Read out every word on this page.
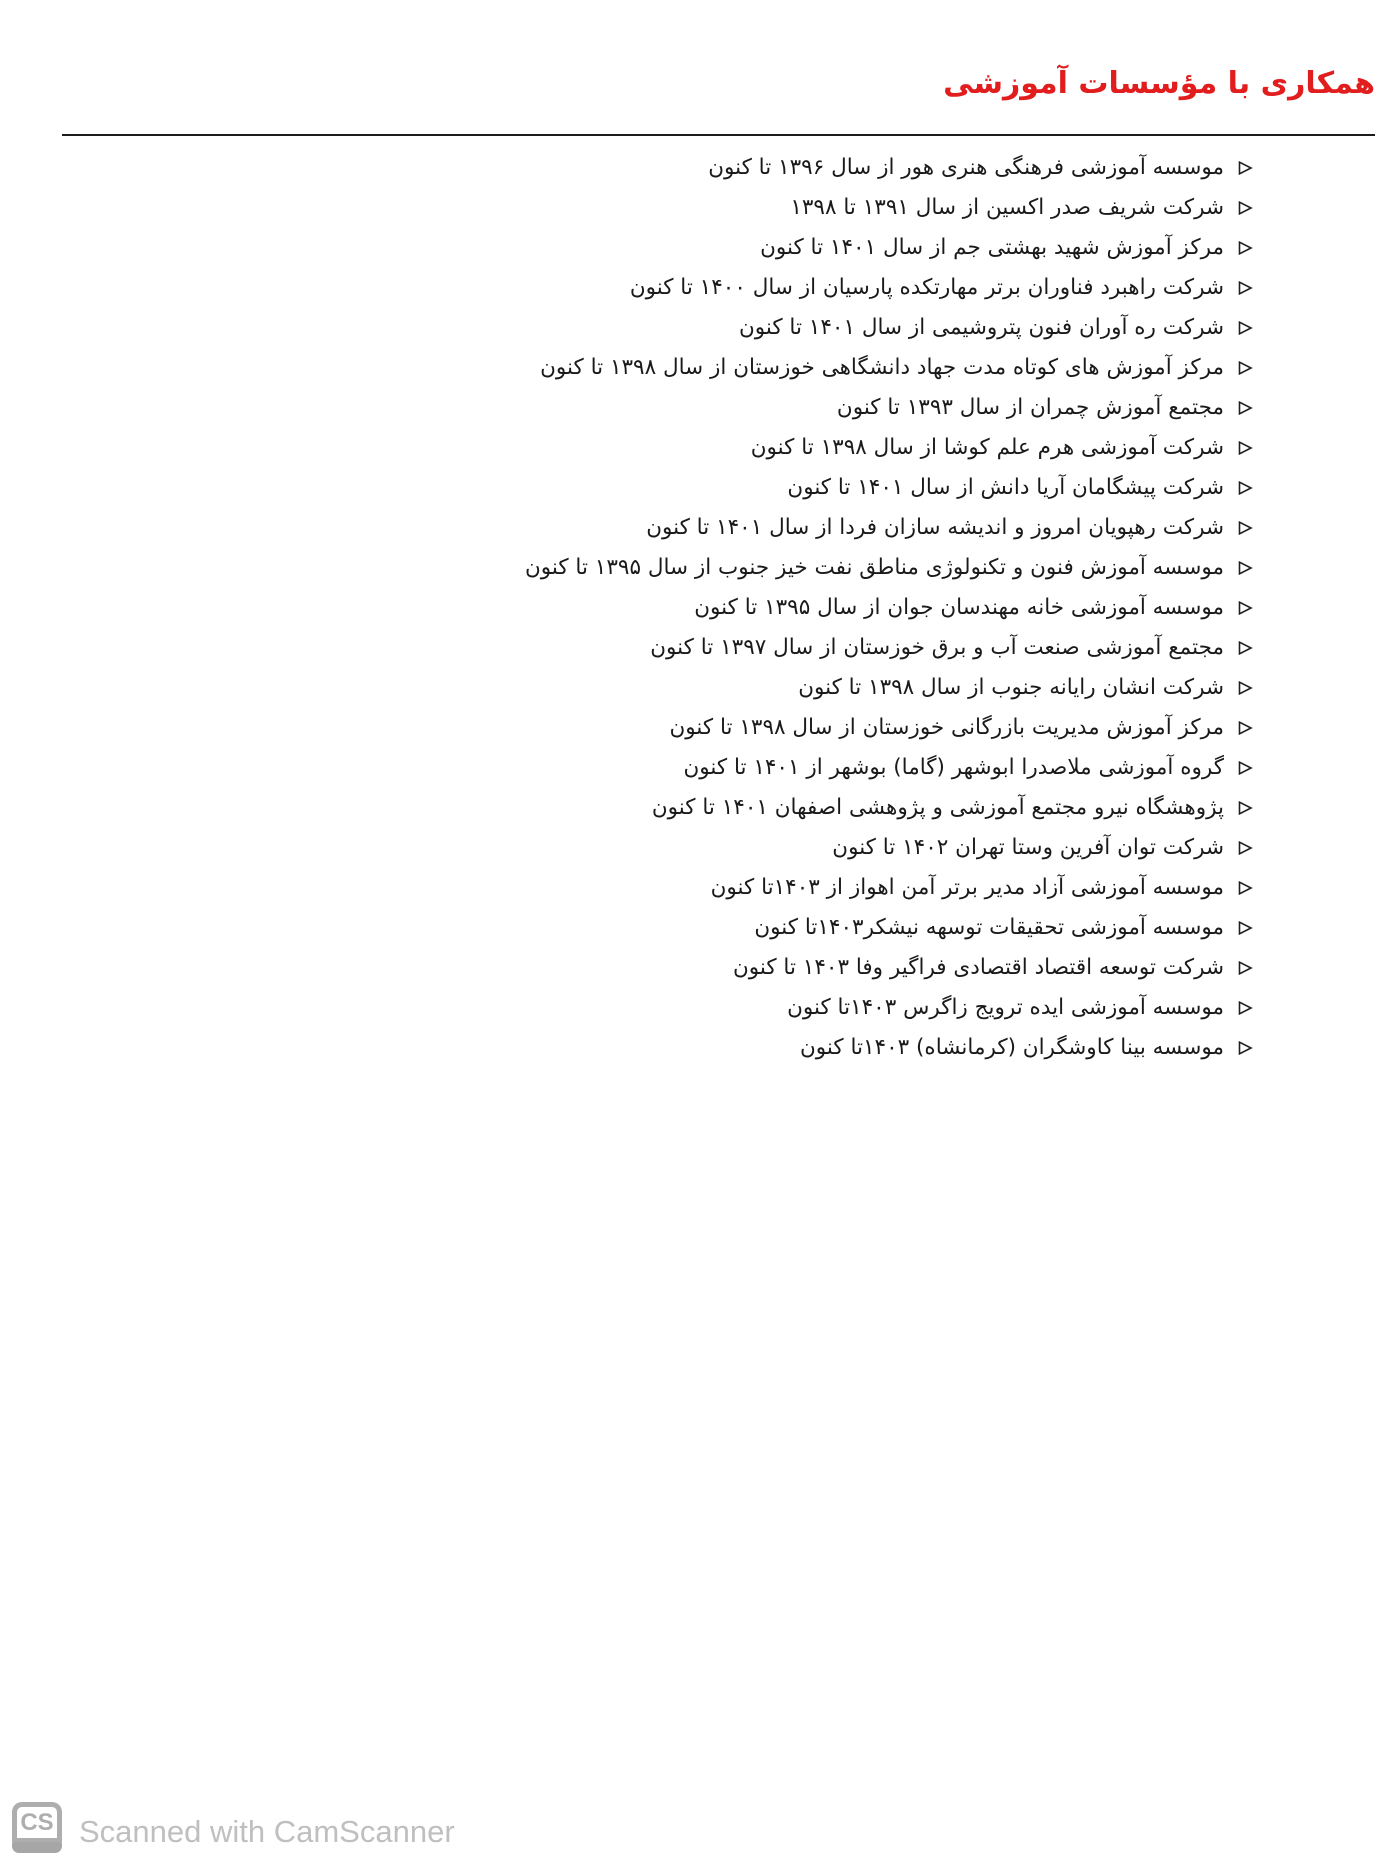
همکاری با مؤسسات آموزشی
موسسه آموزشی فرهنگی هنری هور از سال ۱۳۹۶ تا کنون
شرکت شریف صدر اکسین از سال ۱۳۹۱ تا ۱۳۹۸
مرکز آموزش شهید بهشتی جم از سال ۱۴۰۱ تا کنون
شرکت راهبرد فناوران برتر مهارتکده پارسیان از سال ۱۴۰۰ تا کنون
شرکت ره آوران فنون پتروشیمی از سال ۱۴۰۱ تا کنون
مرکز آموزش های کوتاه مدت جهاد دانشگاهی خوزستان از سال ۱۳۹۸ تا کنون
مجتمع آموزش چمران از سال ۱۳۹۳ تا کنون
شرکت آموزشی هرم علم کوشا از سال ۱۳۹۸ تا کنون
شرکت پیشگامان آریا دانش از سال ۱۴۰۱ تا کنون
شرکت رهپویان امروز و اندیشه سازان فردا از سال ۱۴۰۱ تا کنون
موسسه آموزش فنون و تکنولوژی مناطق نفت خیز جنوب از سال ۱۳۹۵ تا کنون
موسسه آموزشی خانه مهندسان جوان از سال ۱۳۹۵ تا کنون
مجتمع آموزشی صنعت آب و برق خوزستان از سال ۱۳۹۷ تا کنون
شرکت انشان رایانه جنوب از سال ۱۳۹۸ تا کنون
مرکز آموزش مدیریت بازرگانی خوزستان از سال ۱۳۹۸ تا کنون
گروه آموزشی ملاصدرا ابوشهر (گاما) بوشهر از ۱۴۰۱ تا کنون
پژوهشگاه نیرو مجتمع آموزشی و پژوهشی اصفهان ۱۴۰۱ تا کنون
شرکت توان آفرین وستا تهران ۱۴۰۲ تا کنون
موسسه آموزشی آزاد مدیر برتر آمن اهواز از ۱۴۰۳تا کنون
موسسه آموزشی تحقیقات توسهه نیشکر۱۴۰۳تا کنون
شرکت توسعه اقتصاد اقتصادی فراگیر وفا ۱۴۰۳ تا کنون
موسسه آموزشی ایده ترویج زاگرس ۱۴۰۳تا کنون
موسسه بینا کاوشگران (کرمانشاه) ۱۴۰۳تا کنون
CS Scanned with CamScanner
